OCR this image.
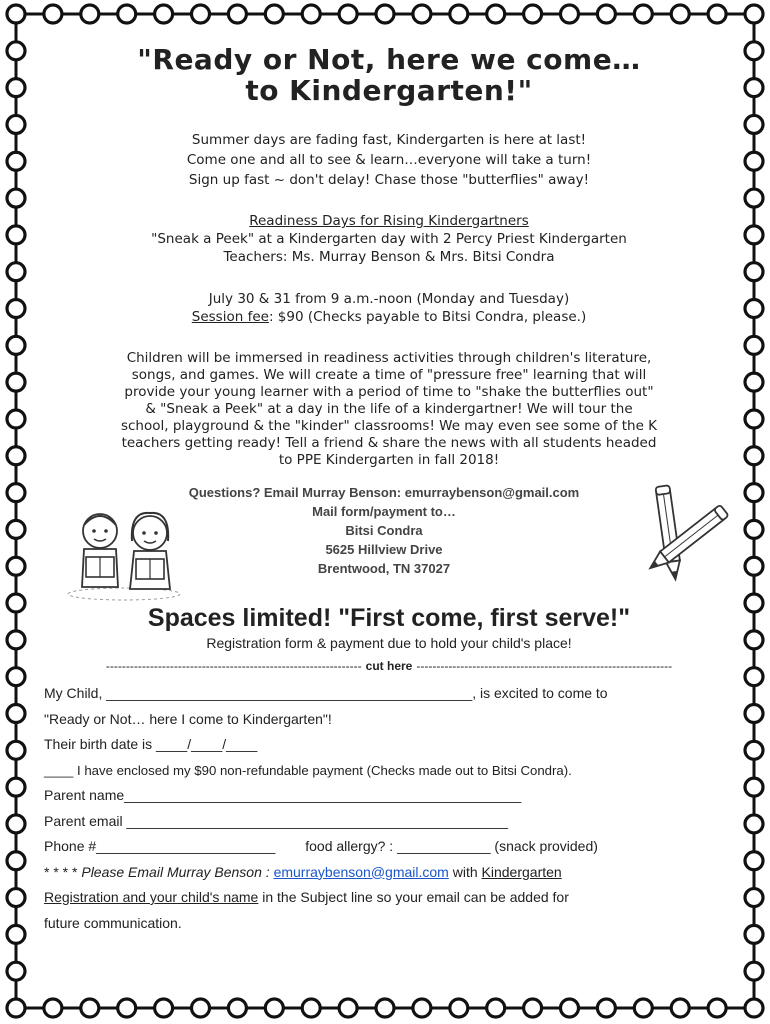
"Ready or Not, here we come…
to Kindergarten!"
Summer days are fading fast, Kindergarten is here at last!
Come one and all to see & learn…everyone will take a turn!
Sign up fast ~ don't delay! Chase those "butterflies" away!
Readiness Days for Rising Kindergartners
"Sneak a Peek" at a Kindergarten day with 2 Percy Priest Kindergarten
Teachers: Ms. Murray Benson & Mrs. Bitsi Condra
July 30 & 31 from 9 a.m.-noon (Monday and Tuesday)
Session fee: $90 (Checks payable to Bitsi Condra, please.)
Children will be immersed in readiness activities through children's literature,
songs, and games. We will create a time of "pressure free" learning that will
provide your young learner with a period of time to "shake the butterflies out"
& "Sneak a Peek" at a day in the life of a kindergartner! We will tour the
school, playground & the "kinder" classrooms! We may even see some of the K
teachers getting ready! Tell a friend & share the news with all students headed
to PPE Kindergarten in fall 2018!
Questions? Email Murray Benson: emurraybenson@gmail.com
Mail form/payment to…
Bitsi Condra
5625 Hillview Drive
Brentwood, TN 37027
Spaces limited! "First come, first serve!"
Registration form & payment due to hold your child's place!
---------------------------------------------------------------- cut here ----------------------------------------------------------------
My Child, _______________________________________________, is excited to come to
"Ready or Not… here I come to Kindergarten"!
Their birth date is ____/____/____
____ I have enclosed my $90 non-refundable payment (Checks made out to Bitsi Condra).
Parent name___________________________________________________
Parent email _________________________________________________
Phone #_______________________ food allergy? : ____________ (snack provided)
* * * * Please Email Murray Benson : emurraybenson@gmail.com with Kindergarten
Registration and your child's name in the Subject line so your email can be added for
future communication.
